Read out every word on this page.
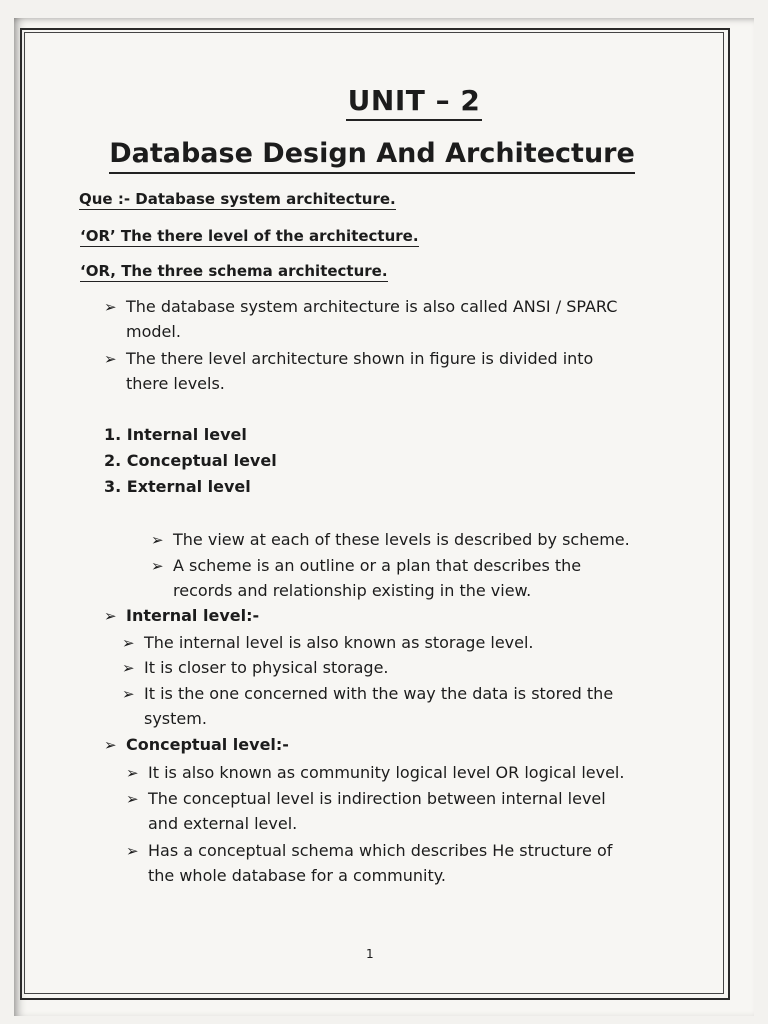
UNIT – 2
Database Design And Architecture
Que :- Database system architecture.
‘OR’ The there level of the architecture.
‘OR, The three schema architecture.
➢ The database system architecture is also called ANSI / SPARC
model.
➢ The there level architecture shown in figure is divided into
there levels.
1. Internal level
2. Conceptual level
3. External level
➢ The view at each of these levels is described by scheme.
➢ A scheme is an outline or a plan that describes the
records and relationship existing in the view.
➢ Internal level:-
➢ The internal level is also known as storage level.
➢ It is closer to physical storage.
➢ It is the one concerned with the way the data is stored the
system.
➢ Conceptual level:-
➢ It is also known as community logical level OR logical level.
➢ The conceptual level is indirection between internal level
and external level.
➢ Has a conceptual schema which describes He structure of
the whole database for a community.
1
